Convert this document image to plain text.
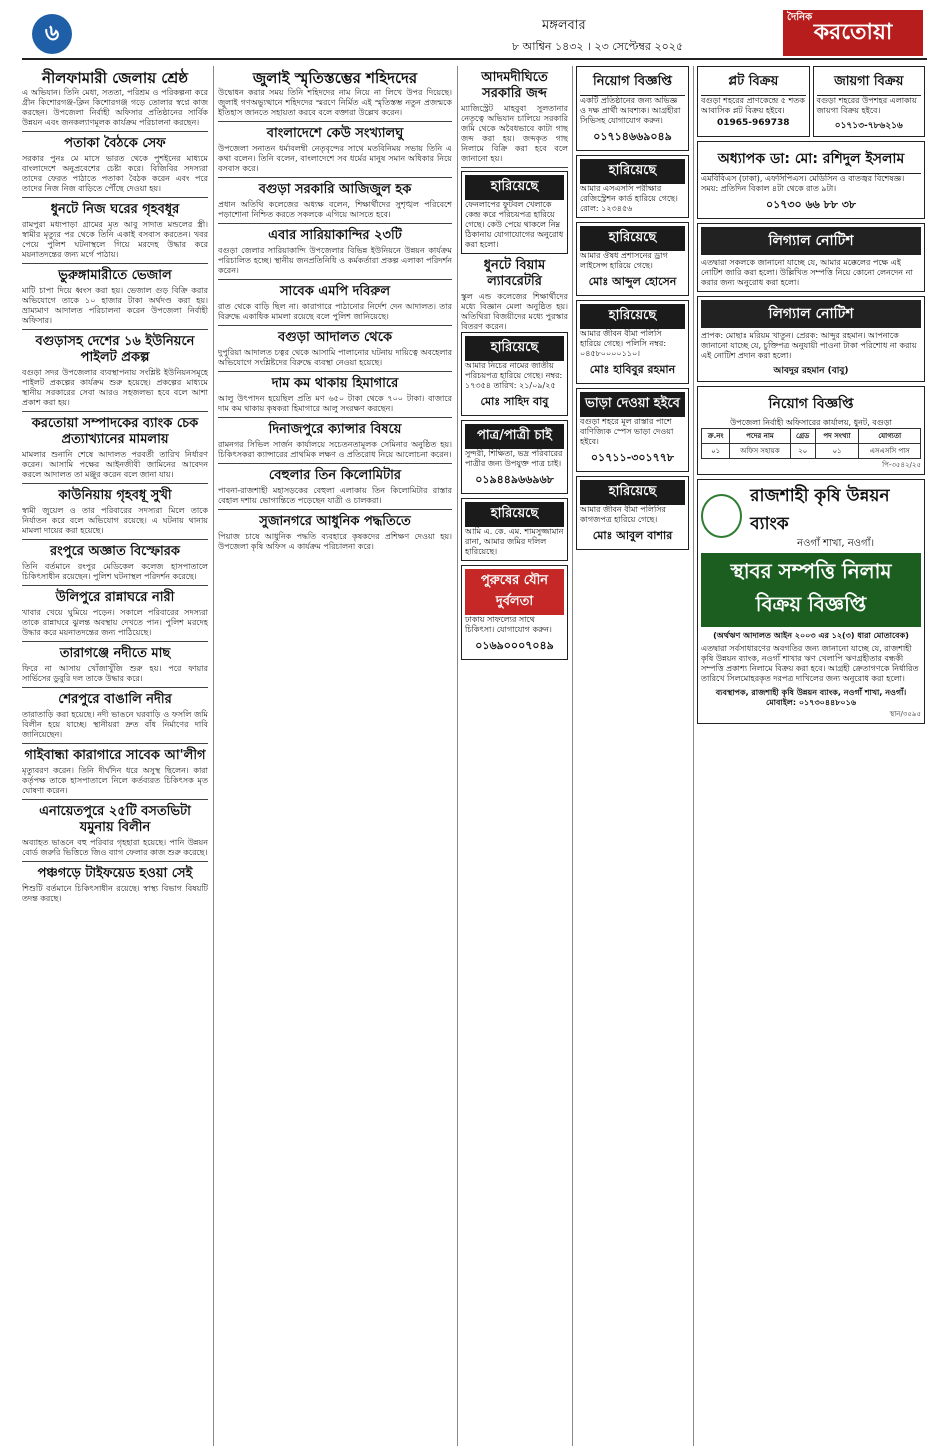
৬	মঙ্গলবার
৮ আশ্বিন ১৪৩২ । ২৩ সেপ্টেম্বর ২০২৫
দৈনিক
করতোয়া
নীলফামারী জেলায় শ্রেষ্ঠ
এ অভিযান। তিনি মেধা, সততা, পরিশ্রম ও পরিকল্পনা করে গ্রীন কিশোরগঞ্জ-ক্লিন কিশোরগঞ্জ গড়ে তোলার স্বপ্নে কাজ করছেন। উপজেলা নির্বাহী অফিসার প্রতিষ্ঠানের সার্বিক উন্নয়ন এবং জনকল্যাণমূলক কার্যক্রম পরিচালনা করছেন।
পতাকা বৈঠকে সেফ
সরকার পুনঃ মে মাসে ভারত থেকে পুশইনের মাধ্যমে বাংলাদেশে অনুপ্রবেশের চেষ্টা করে। বিজিবির সদস্যরা তাদের ফেরত পাঠাতে পতাকা বৈঠক করেন এবং পরে তাদের নিজ নিজ বাড়িতে পৌঁছে দেওয়া হয়।
ধুনটে নিজ ঘরের গৃহবধূর
রামপুরা মধ্যপাড়া গ্রামের মৃত আবু সাদাত মন্ডলের স্ত্রী। স্বামীর মৃত্যুর পর থেকে তিনি একাই বসবাস করতেন। খবর পেয়ে পুলিশ ঘটনাস্থলে গিয়ে মরদেহ উদ্ধার করে ময়নাতদন্তের জন্য মর্গে পাঠায়।
ভুরুঙ্গামারীতে ভেজাল
মাটি চাপা দিয়ে ধ্বংস করা হয়। ভেজাল গুড় বিক্রি করার অভিযোগে তাকে ১০ হাজার টাকা অর্থদণ্ড করা হয়। ভ্রাম্যমাণ আদালত পরিচালনা করেন উপজেলা নির্বাহী অফিসার।
বগুড়াসহ দেশের ১৬ ইউনিয়নে পাইলট প্রকল্প
বগুড়া সদর উপজেলার ব্যবস্থাপনায় সংশ্লিষ্ট ইউনিয়নসমূহে পাইলট প্রকল্পের কার্যক্রম শুরু হয়েছে। প্রকল্পের মাধ্যমে স্থানীয় সরকারের সেবা আরও সহজলভ্য হবে বলে আশা প্রকাশ করা হয়।
করতোয়া সম্পাদকের ব্যাংক চেক প্রত্যাখ্যানের মামলায়
মামলার শুনানি শেষে আদালত পরবর্তী তারিখ নির্ধারণ করেন। আসামি পক্ষের আইনজীবী জামিনের আবেদন করলে আদালত তা মঞ্জুর করেন বলে জানা যায়।
কাউনিয়ায় গৃহবধূ সুখী
স্বামী জুয়েল ও তার পরিবারের সদস্যরা মিলে তাকে নির্যাতন করে বলে অভিযোগ রয়েছে। এ ঘটনায় থানায় মামলা দায়ের করা হয়েছে।
রংপুরে অজ্ঞাত বিস্ফোরক
তিনি বর্তমানে রংপুর মেডিকেল কলেজ হাসপাতালে চিকিৎসাধীন রয়েছেন। পুলিশ ঘটনাস্থল পরিদর্শন করেছে।
উলিপুরে রান্নাঘরে নারী
খাবার খেয়ে ঘুমিয়ে পড়েন। সকালে পরিবারের সদস্যরা তাকে রান্নাঘরে ঝুলন্ত অবস্থায় দেখতে পান। পুলিশ মরদেহ উদ্ধার করে ময়নাতদন্তের জন্য পাঠিয়েছে।
তারাগঞ্জে নদীতে মাছ
ফিরে না আসায় খোঁজাখুঁজি শুরু হয়। পরে ফায়ার সার্ভিসের ডুবুরি দল তাকে উদ্ধার করে।
শেরপুরে বাঙালি নদীর
তারাতাড়ি করা হয়েছে। নদী ভাঙনে ঘরবাড়ি ও ফসলি জমি বিলীন হয়ে যাচ্ছে। স্থানীয়রা দ্রুত বাঁধ নির্মাণের দাবি জানিয়েছেন।
গাইবান্ধা কারাগারে সাবেক আ'লীগ
মৃত্যুবরণ করেন। তিনি দীর্ঘদিন ধরে অসুস্থ ছিলেন। কারা কর্তৃপক্ষ তাকে হাসপাতালে নিলে কর্তব্যরত চিকিৎসক মৃত ঘোষণা করেন।
এনায়েতপুরে ২৫টি বসতভিটা যমুনায় বিলীন
অব্যাহত ভাঙনে বহু পরিবার গৃহহারা হয়েছে। পানি উন্নয়ন বোর্ড জরুরি ভিত্তিতে জিও ব্যাগ ফেলার কাজ শুরু করেছে।
পঞ্চগড়ে টাইফয়েড হওয়া সেই
শিশুটি বর্তমানে চিকিৎসাধীন রয়েছে। স্বাস্থ্য বিভাগ বিষয়টি তদন্ত করছে।
জুলাই স্মৃতিস্তম্ভের শহিদদের
উদ্বোধন করার সময় তিনি শহিদদের নাম নিয়ে না লিখে উপর দিয়েছে। জুলাই গণঅভ্যুত্থানে শহিদদের স্মরণে নির্মিত এই স্মৃতিস্তম্ভ নতুন প্রজন্মকে ইতিহাস জানতে সহায়তা করবে বলে বক্তারা উল্লেখ করেন।
বাংলাদেশে কেউ সংখ্যালঘু
উপজেলা সনাতন ধর্মাবলম্বী নেতৃবৃন্দের সাথে মতবিনিময় সভায় তিনি এ কথা বলেন। তিনি বলেন, বাংলাদেশে সব ধর্মের মানুষ সমান অধিকার নিয়ে বসবাস করে।
বগুড়া সরকারি আজিজুল হক
প্রধান অতিথি কলেজের অধ্যক্ষ বলেন, শিক্ষার্থীদের সুশৃঙ্খল পরিবেশে পড়াশোনা নিশ্চিত করতে সকলকে এগিয়ে আসতে হবে।
এবার সারিয়াকান্দির ২৩টি
বগুড়া জেলার সারিয়াকান্দি উপজেলার বিভিন্ন ইউনিয়নে উন্নয়ন কার্যক্রম পরিচালিত হচ্ছে। স্থানীয় জনপ্রতিনিধি ও কর্মকর্তারা প্রকল্প এলাকা পরিদর্শন করেন।
সাবেক এমপি দবিরুল
রাত থেকে বাড়ি ছিল না। কারাগারে পাঠানোর নির্দেশ দেন আদালত। তার বিরুদ্ধে একাধিক মামলা রয়েছে বলে পুলিশ জানিয়েছে।
বগুড়া আদালত থেকে
দুপুরিয়া আদালত চত্বর থেকে আসামি পালানোর ঘটনায় দায়িত্বে অবহেলার অভিযোগে সংশ্লিষ্টদের বিরুদ্ধে ব্যবস্থা নেওয়া হয়েছে।
দাম কম থাকায় হিমাগারে
আলু উৎপাদন হয়েছিল প্রতি মণ ৬৫০ টাকা থেকে ৭০০ টাকা। বাজারে দাম কম থাকায় কৃষকরা হিমাগারে আলু সংরক্ষণ করছেন।
দিনাজপুরে ক্যান্সার বিষয়ে
রামনগর সিভিল সার্জন কার্যালয়ে সচেতনতামূলক সেমিনার অনুষ্ঠিত হয়। চিকিৎসকরা ক্যান্সারের প্রাথমিক লক্ষণ ও প্রতিরোধ নিয়ে আলোচনা করেন।
বেহুলার তিন কিলোমিটার
পাবনা-রাজশাহী মহাসড়কের বেহুলা এলাকায় তিন কিলোমিটার রাস্তার বেহাল দশায় ভোগান্তিতে পড়েছেন যাত্রী ও চালকরা।
সুজানগরে আধুনিক পদ্ধতিতে
পিয়াজ চাষে আধুনিক পদ্ধতি ব্যবহারে কৃষকদের প্রশিক্ষণ দেওয়া হয়। উপজেলা কৃষি অফিস এ কার্যক্রম পরিচালনা করে।
আদমদীঘিতে সরকারি জব্দ
ম্যাজিস্ট্রেট মাহবুবা সুলতানার নেতৃত্বে অভিযান চালিয়ে সরকারি জমি থেকে অবৈধভাবে কাটা গাছ জব্দ করা হয়। জব্দকৃত গাছ নিলামে বিক্রি করা হবে বলে জানানো হয়।
হারিয়েছে
ফেনলাপের ফুটবল খেলাকে কেন্দ্র করে পরিচয়পত্র হারিয়ে গেছে। কেউ পেয়ে থাকলে নিম্ন ঠিকানায় যোগাযোগের অনুরোধ করা হলো।
ধুনটে বিয়াম ল্যাবরেটরি
স্কুল এন্ড কলেজের শিক্ষার্থীদের মধ্যে বিজ্ঞান মেলা অনুষ্ঠিত হয়। অতিথিরা বিজয়ীদের মধ্যে পুরস্কার বিতরণ করেন।
হারিয়েছে
আমার নিচের নামের জাতীয় পরিচয়পত্র হারিয়ে গেছে। নম্বর: ১৭৩৫৪ তারিখ: ২১/০৯/২৫
মোঃ সাহিদ বাবু
পাত্র/পাত্রী চাই
সুন্দরী, শিক্ষিতা, ভদ্র পরিবারের পাত্রীর জন্য উপযুক্ত পাত্র চাই।
০১৯৪৪৯৬৬৯৬৮
হারিয়েছে
আমি এ. কে. এম. শামসুজ্জামান রানা, আমার জমির দলিল হারিয়েছে।
পুরুষের যৌন দুর্বলতা
ঢাকায় সাফল্যের সাথে চিকিৎসা। যোগাযোগ করুন।
০১৬৯০০০৭০৪৯
নিয়োগ বিজ্ঞপ্তি
একটি প্রতিষ্ঠানের জন্য অভিজ্ঞ ও দক্ষ প্রার্থী আবশ্যক। আগ্রহীরা সিভিসহ যোগাযোগ করুন।
০১৭১৪৬৬৯০৪৯
হারিয়েছে
আমার এসএসসি পরীক্ষার রেজিস্ট্রেশন কার্ড হারিয়ে গেছে। রোল: ১২৩৪৫৬
হারিয়েছে
আমার ঔষধ প্রশাসনের ড্রাগ লাইসেন্স হারিয়ে গেছে।
মোঃ আব্দুল হোসেন
হারিয়েছে
আমার জীবন বীমা পলিসি হারিয়ে গেছে। পলিসি নম্বর: ০৪৫৮০০০০১১০।
মোঃ হাবিবুর রহমান
ভাড়া দেওয়া হইবে
বগুড়া শহরে মূল রাস্তার পাশে বাণিজ্যিক স্পেস ভাড়া দেওয়া হইবে।
০১৭১১-৩০১৭৭৮
হারিয়েছে
আমার জীবন বীমা পলিসির কাগজপত্র হারিয়ে গেছে।
মোঃ আবুল বাশার
প্লট বিক্রয়
বগুড়া শহরের প্রাণকেন্দ্রে ৫ শতক আবাসিক প্লট বিক্রয় হইবে।
01965-969738
জায়গা বিক্রয়
বগুড়া শহরের উপশহর এলাকায় জায়গা বিক্রয় হইবে।
০১৭১৩-৭৮৬২১৬
অধ্যাপক ডা: মো: রশিদুল ইসলাম
এমবিবিএস (ঢাকা), এফসিপিএস। মেডিসিন ও বাতজ্বর বিশেষজ্ঞ। সময়: প্রতিদিন বিকাল ৪টা থেকে রাত ৯টা।
০১৭৩০ ৬৬ ৮৮ ৩৮
লিগ্যাল নোটিশ
এতদ্বারা সকলকে জানানো যাচ্ছে যে, আমার মক্কেলের পক্ষে এই নোটিশ জারি করা হলো। উল্লিখিত সম্পত্তি নিয়ে কোনো লেনদেন না করার জন্য অনুরোধ করা হলো।
লিগ্যাল নোটিশ
প্রাপক: মোছাঃ মরিয়ম খাতুন। প্রেরক: আব্দুর রহমান। আপনাকে জানানো যাচ্ছে যে, চুক্তিপত্র অনুযায়ী পাওনা টাকা পরিশোধ না করায় এই নোটিশ প্রদান করা হলো।
আবদুর রহমান (বাবু)
নিয়োগ বিজ্ঞপ্তি
উপজেলা নির্বাহী অফিসারের কার্যালয়, ধুনট, বগুড়া
ক্র.নং	পদের নাম	গ্রেড	পদ সংখ্যা	যোগ্যতা
০১	অফিস সহায়ক	২০	০১	এসএসসি পাস
পি-৩৫৪২/২৫
রাজশাহী কৃষি উন্নয়ন ব্যাংক
নওগাঁ শাখা, নওগাঁ।
স্থাবর সম্পত্তি নিলাম বিক্রয় বিজ্ঞপ্তি
(অর্থঋণ আদালত আইন ২০০৩ এর ১২(৩) ধারা মোতাবেক)
এতদ্বারা সর্বসাধারণের অবগতির জন্য জানানো যাচ্ছে যে, রাজশাহী কৃষি উন্নয়ন ব্যাংক, নওগাঁ শাখার ঋণ খেলাপি ঋণগ্রহীতার বন্ধকী সম্পত্তি প্রকাশ্য নিলামে বিক্রয় করা হবে। আগ্রহী ক্রেতাগণকে নির্ধারিত তারিখে সিলমোহরকৃত দরপত্র দাখিলের জন্য অনুরোধ করা হলো।
ব্যবস্থাপক, রাজশাহী কৃষি উন্নয়ন ব্যাংক, নওগাঁ শাখা, নওগাঁ। মোবাইল: ০১৭৩০৪৪৮০১৬
স্থান/৩৫৯৫
